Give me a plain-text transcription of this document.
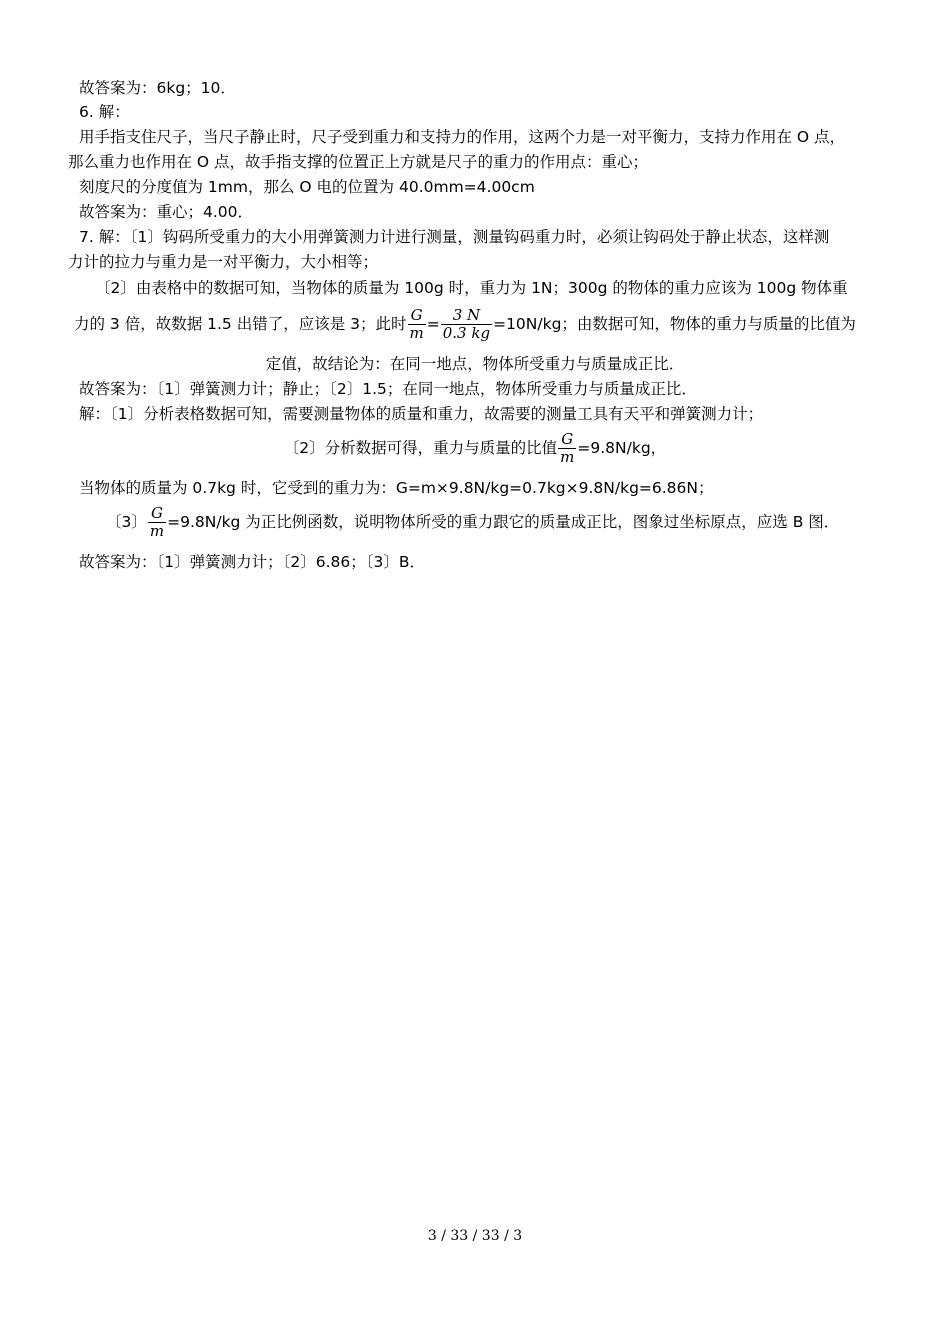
故答案为：6kg；10．
6. 解：
用手指支住尺子，当尺子静止时，尺子受到重力和支持力的作用，这两个力是一对平衡力，支持力作用在 O 点，
那么重力也作用在 O 点，故手指支撑的位置正上方就是尺子的重力的作用点：重心；
刻度尺的分度值为 1mm，那么 O 电的位置为 40.0mm=4.00cm
故答案为：重心；4.00．
7. 解：〔1〕钩码所受重力的大小用弹簧测力计进行测量，测量钩码重力时，必须让钩码处于静止状态，这样测
力计的拉力与重力是一对平衡力，大小相等；
〔2〕由表格中的数据可知，当物体的质量为 100g 时，重力为 1N；300g 的物体的重力应该为 100g 物体重
力的 3 倍，故数据 1.5 出错了，应该是 3；此时 $\frac{G}{m} = \frac{3 N}{0.3 kg} =10N/kg$；由数据可知，物体的重力与质量的比值为
定值，故结论为：在同一地点，物体所受重力与质量成正比．
故答案为：〔1〕弹簧测力计；静止；〔2〕1.5；在同一地点，物体所受重力与质量成正比．
解：〔1〕分析表格数据可知，需要测量物体的质量和重力，故需要的测量工具有天平和弹簧测力计；
〔2〕分析数据可得，重力与质量的比值 $\frac{G}{m} =9.8N/kg$，
当物体的质量为 0.7kg 时，它受到的重力为：G=m×9.8N/kg=0.7kg×9.8N/kg=6.86N；
〔3〕 $\frac{G}{m} =9.8N/kg$ 为正比例函数，说明物体所受的重力跟它的质量成正比，图象过坐标原点，应选 B 图．
故答案为：〔1〕弹簧测力计；〔2〕6.86；〔3〕B．
3 / 33 / 33 / 3
